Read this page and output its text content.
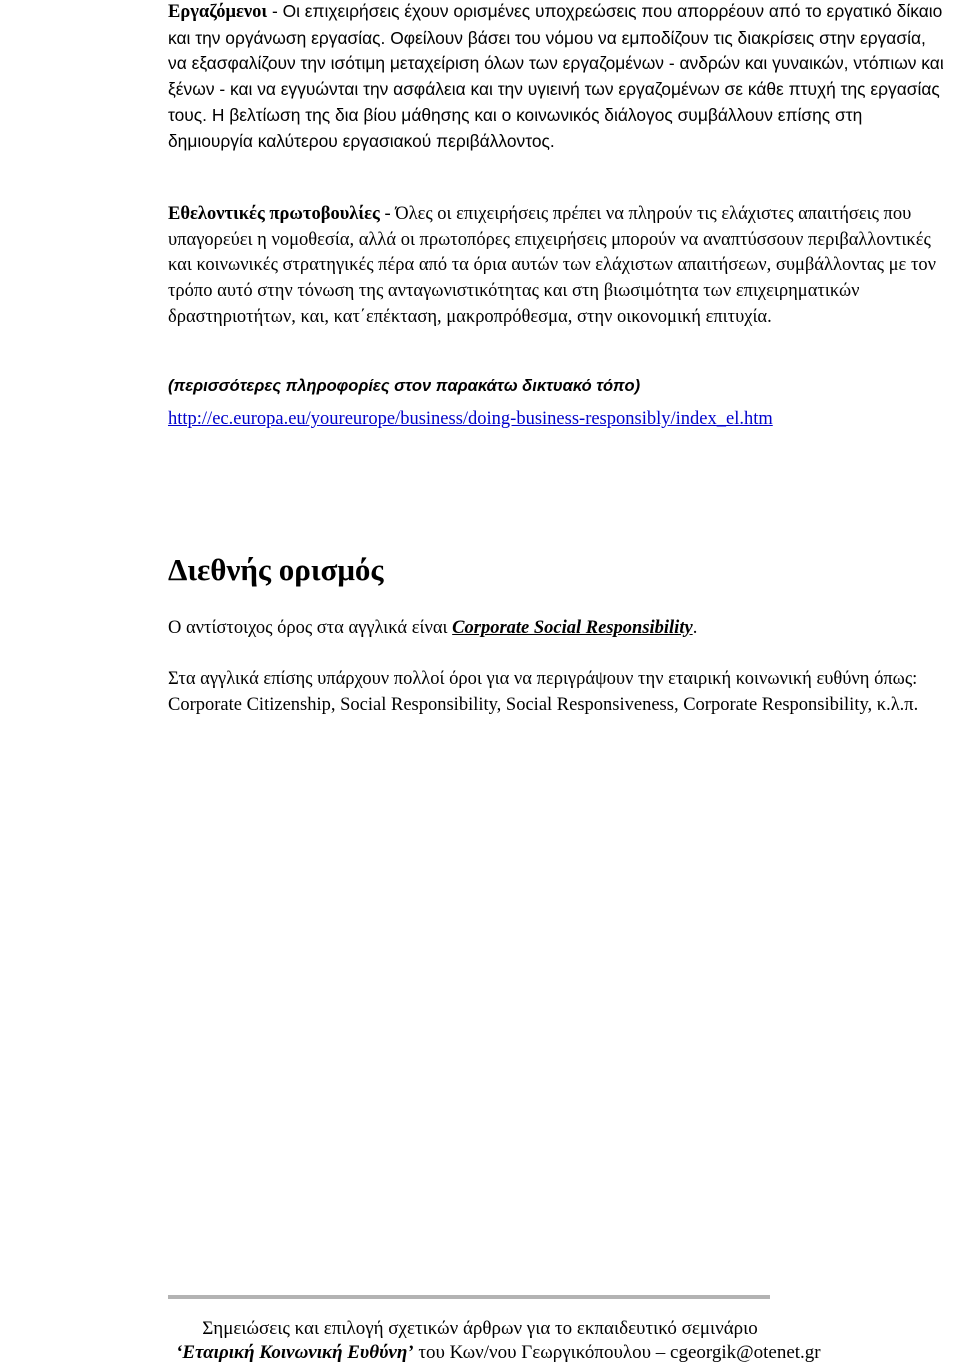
Εργαζόμενοι - Οι επιχειρήσεις έχουν ορισμένες υποχρεώσεις που απορρέουν από το εργατικό δίκαιο και την οργάνωση εργασίας. Οφείλουν βάσει του νόμου να εμποδίζουν τις διακρίσεις στην εργασία, να εξασφαλίζουν την ισότιμη μεταχείριση όλων των εργαζομένων - ανδρών και γυναικών, ντόπιων και ξένων - και να εγγυώνται την ασφάλεια και την υγιεινή των εργαζομένων σε κάθε πτυχή της εργασίας τους. Η βελτίωση της δια βίου μάθησης και ο κοινωνικός διάλογος συμβάλλουν επίσης στη δημιουργία καλύτερου εργασιακού περιβάλλοντος.

Εθελοντικές πρωτοβουλίες - Όλες οι επιχειρήσεις πρέπει να πληρούν τις ελάχιστες απαιτήσεις που υπαγορεύει η νομοθεσία, αλλά οι πρωτοπόρες επιχειρήσεις μπορούν να αναπτύσσουν περιβαλλοντικές και κοινωνικές στρατηγικές πέρα από τα όρια αυτών των ελάχιστων απαιτήσεων, συμβάλλοντας με τον τρόπο αυτό στην τόνωση της ανταγωνιστικότητας και στη βιωσιμότητα των επιχειρηματικών δραστηριοτήτων, και, κατ΄επέκταση, μακροπρόθεσμα, στην οικονομική επιτυχία.

(περισσότερες πληροφορίες στον παρακάτω δικτυακό τόπο)
http://ec.europa.eu/youreurope/business/doing-business-responsibly/index_el.htm
Διεθνής ορισμός

Ο αντίστοιχος όρος στα αγγλικά είναι Corporate Social Responsibility.

Στα αγγλικά επίσης υπάρχουν πολλοί όροι για να περιγράψουν την εταιρική κοινωνική ευθύνη όπως: Corporate Citizenship, Social Responsibility, Social Responsiveness, Corporate Responsibility, κ.λ.π.

Σημειώσεις και επιλογή σχετικών άρθρων για το εκπαιδευτικό σεμινάριο
‘Εταιρική Κοινωνική Ευθύνη’ του Κων/νου Γεωργικόπουλου – cgeorgik@otenet.gr
